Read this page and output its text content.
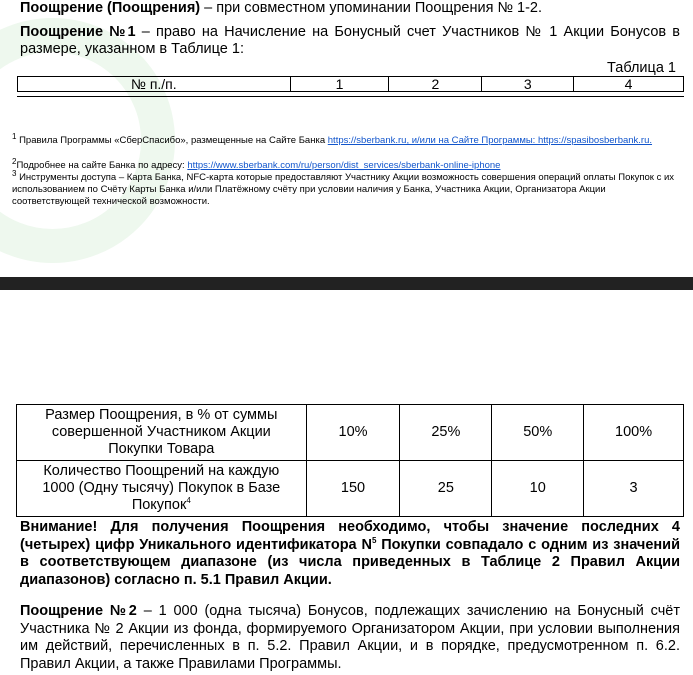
Поощрение (Поощрения) – при совместном упоминании Поощрения № 1-2.
Поощрение №1 – право на Начисление на Бонусный счет Участников № 1 Акции Бонусов в размере, указанном в Таблице 1:
Таблица 1
№ п./п.	1	2	3	4
$^1$ Правила Программы «СберСпасибо», размещенные на Сайте Банка https://sberbank.ru, и/или на Сайте Программы: https://spasibosberbank.ru.
$^2$Подробнее на сайте Банка по адресу: https://www.sberbank.com/ru/person/dist_services/sberbank-online-iphone
$^3$ Инструменты доступа – Карта Банка, NFC-карта которые предоставляют Участнику Акции возможность совершения операций оплаты Покупок с их использованием по Счёту Карты Банка и/или Платёжному счёту при условии наличия у Банка, Участника Акции, Организатора Акции соответствующей технической возможности.
Размер Поощрения, в % от суммы совершенной Участником Акции Покупки Товара	10%	25%	50%	100%
Количество Поощрений на каждую 1000 (Одну тысячу) Покупок в Базе Покупок$^4$	150	25	10	3
Внимание! Для получения Поощрения необходимо, чтобы значение последних 4 (четырех) цифр Уникального идентификатора $N^5$ Покупки совпадало с одним из значений в соответствующем диапазоне (из числа приведенных в Таблице 2 Правил Акции диапазонов) согласно п. 5.1 Правил Акции.
Поощрение №2 – 1 000 (одна тысяча) Бонусов, подлежащих зачислению на Бонусный счёт Участника № 2 Акции из фонда, формируемого Организатором Акции, при условии выполнения им действий, перечисленных в п. 5.2. Правил Акции, и в порядке, предусмотренном п. 6.2. Правил Акции, а также Правилами Программы.
